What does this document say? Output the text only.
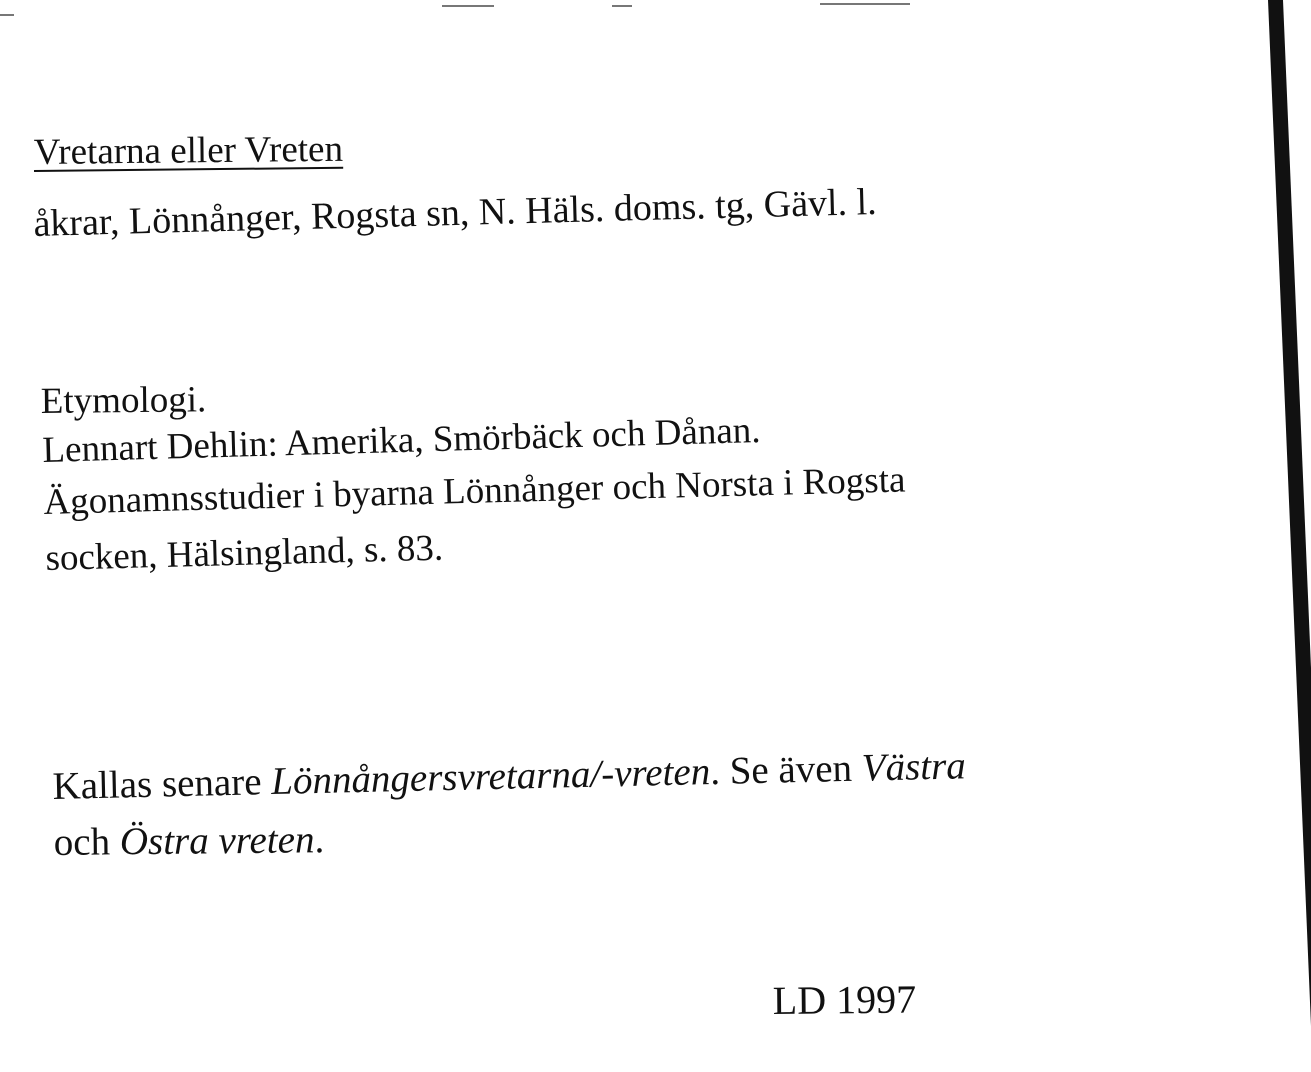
Vretarna eller Vreten
åkrar, Lönnånger, Rogsta sn, N. Häls. doms. tg, Gävl. l.
Etymologi.
Lennart Dehlin: Amerika, Smörbäck och Dånan.
Ägonamnsstudier i byarna Lönnånger och Norsta i Rogsta
socken, Hälsingland, s. 83.
Kallas senare Lönnångersvretarna/-vreten. Se även Västra
och Östra vreten.
LD 1997
